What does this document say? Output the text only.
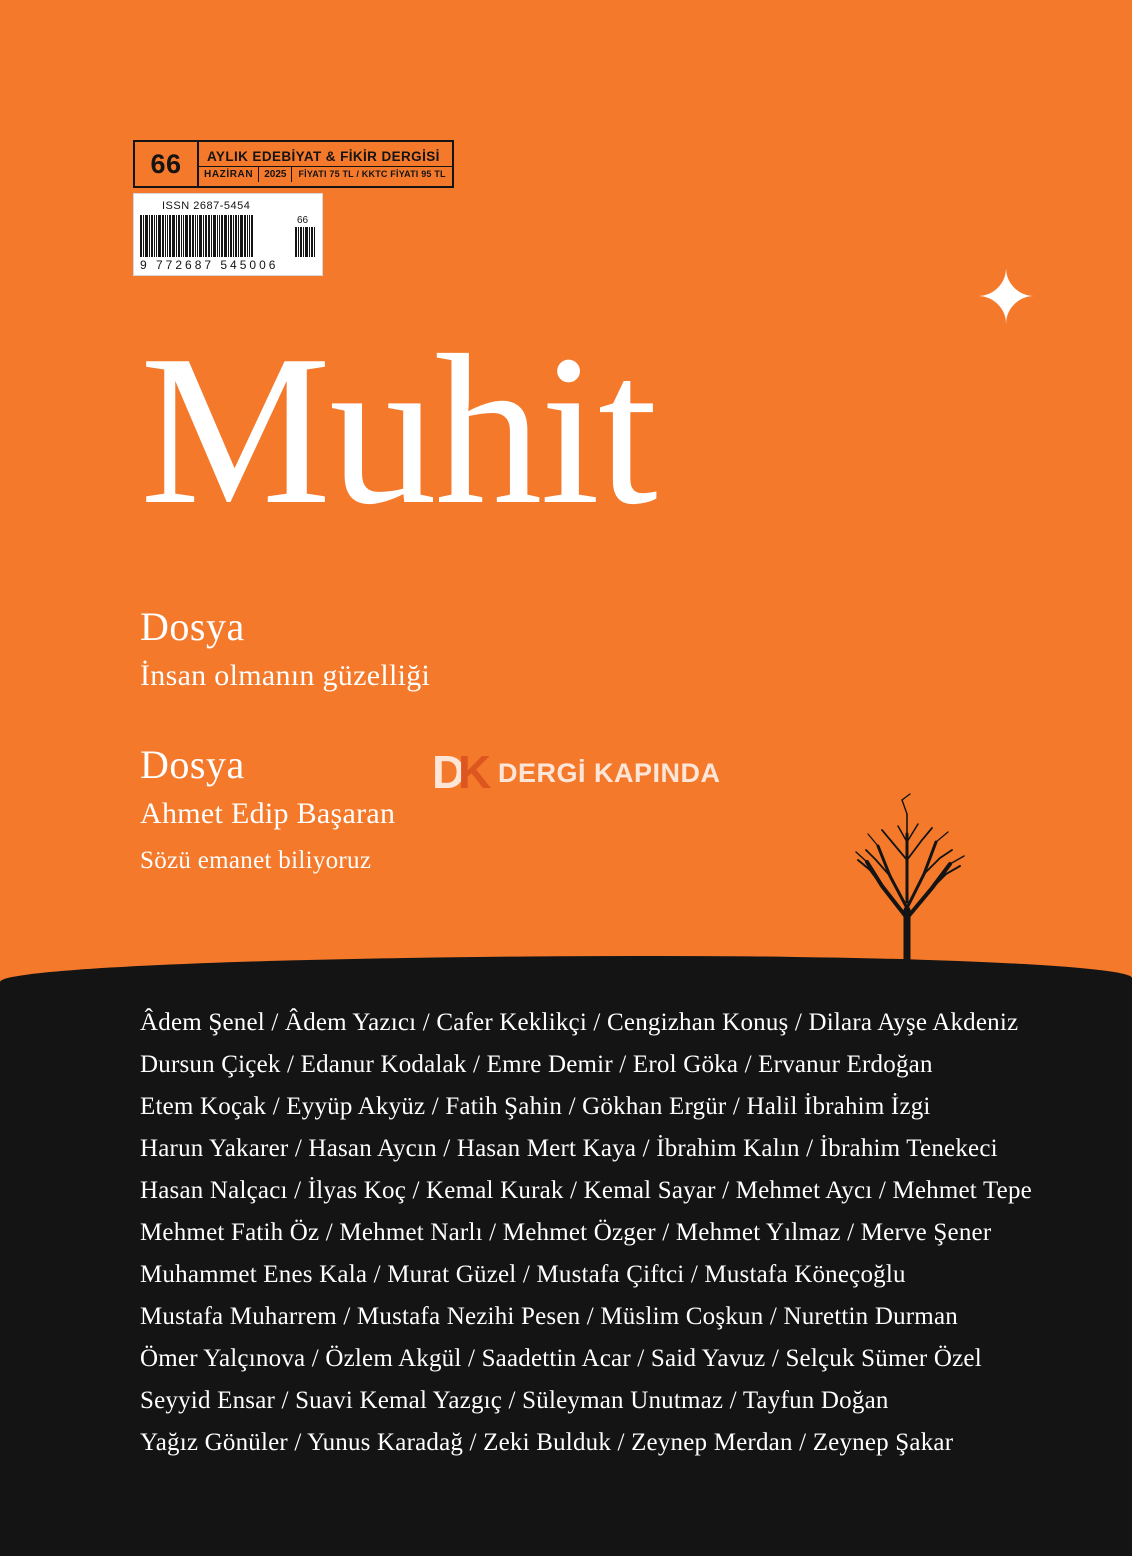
66	AYLIK EDEBİYAT & FİKİR DERGİSİ
HAZİRAN	2025	FİYATI 75 TL / KKTC FİYATI 95 TL
ISSN 2687-5454
66
9 772687 545006
Muhit
✦
Dosya
İnsan olmanın güzelliği
Dosya
Ahmet Edip Başaran
Sözü emanet biliyoruz
D
K DERGİ KAPINDA
Âdem Şenel / Âdem Yazıcı / Cafer Keklikçi / Cengizhan Konuş / Dilara Ayşe Akdeniz
Dursun Çiçek / Edanur Kodalak / Emre Demir / Erol Göka / Ervanur Erdoğan
Etem Koçak / Eyyüp Akyüz / Fatih Şahin / Gökhan Ergür / Halil İbrahim İzgi
Harun Yakarer / Hasan Aycın / Hasan Mert Kaya / İbrahim Kalın / İbrahim Tenekeci
Hasan Nalçacı / İlyas Koç / Kemal Kurak / Kemal Sayar / Mehmet Aycı / Mehmet Tepe
Mehmet Fatih Öz / Mehmet Narlı / Mehmet Özger / Mehmet Yılmaz / Merve Şener
Muhammet Enes Kala / Murat Güzel / Mustafa Çiftci / Mustafa Köneçoğlu
Mustafa Muharrem / Mustafa Nezihi Pesen / Müslim Coşkun / Nurettin Durman
Ömer Yalçınova / Özlem Akgül / Saadettin Acar / Said Yavuz / Selçuk Sümer Özel
Seyyid Ensar / Suavi Kemal Yazgıç / Süleyman Unutmaz / Tayfun Doğan
Yağız Gönüler / Yunus Karadağ / Zeki Bulduk / Zeynep Merdan / Zeynep Şakar
